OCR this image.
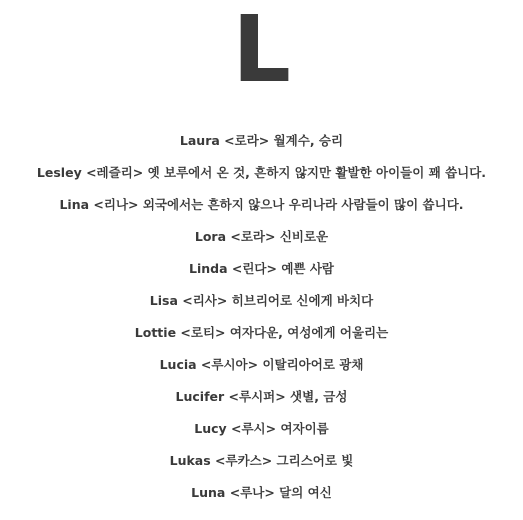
L
Laura <로라> 월계수, 승리
Lesley <레즐리> 옛 보루에서 온 것, 흔하지 않지만 활발한 아이들이 꽤 씁니다.
Lina <리나> 외국에서는 흔하지 않으나 우리나라 사람들이 많이 씁니다.
Lora <로라> 신비로운
Linda <린다> 예쁜 사람
Lisa <리사> 히브리어로 신에게 바치다
Lottie <로티> 여자다운, 여성에게 어울리는
Lucia <루시아> 이탈리아어로 광채
Lucifer <루시퍼> 샛별, 금성
Lucy <루시> 여자이름
Lukas <루카스> 그리스어로 빛
Luna <루나> 달의 여신
